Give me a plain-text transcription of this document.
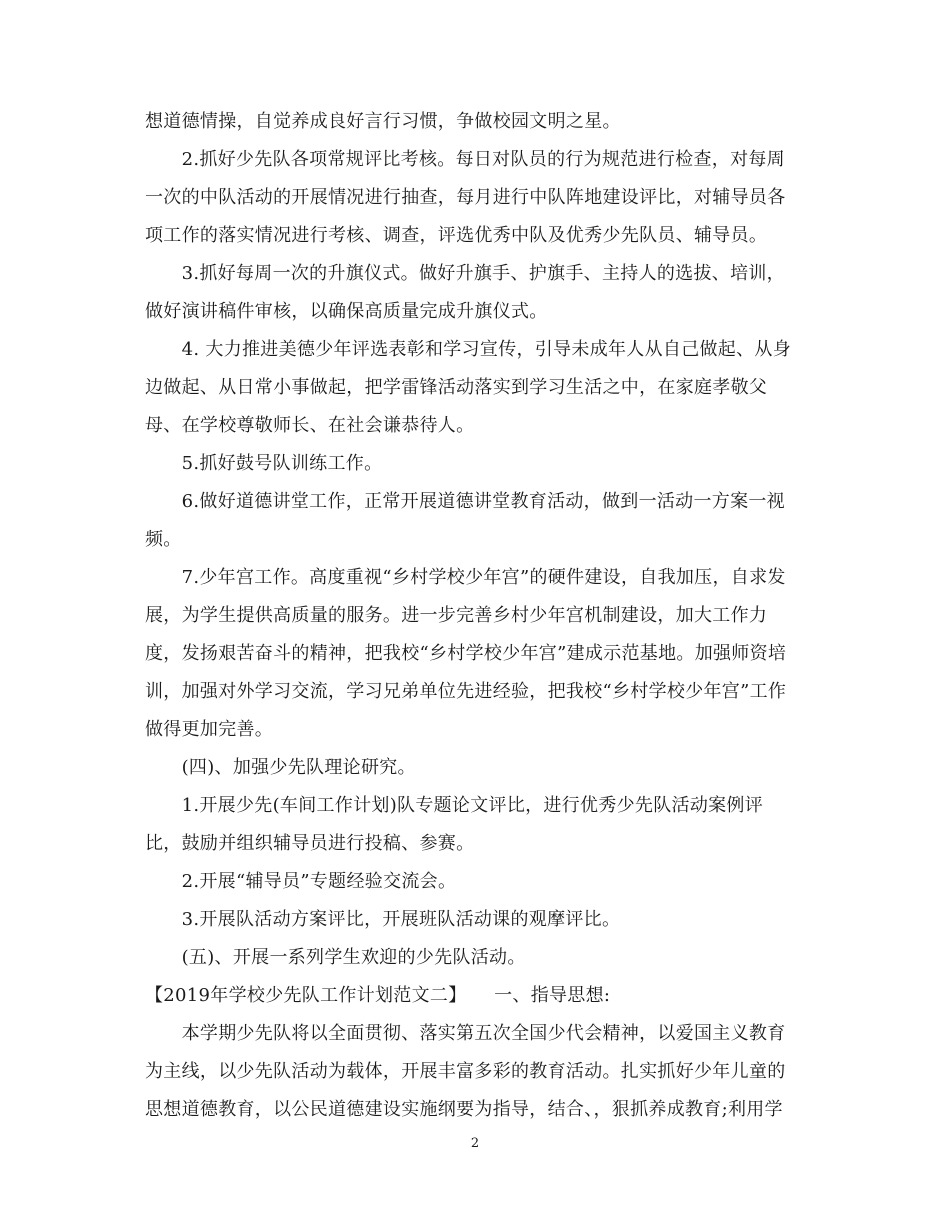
想道德情操，自觉养成良好言行习惯，争做校园文明之星。
　　2.抓好少先队各项常规评比考核。每日对队员的行为规范进行检查，对每周
一次的中队活动的开展情况进行抽查，每月进行中队阵地建设评比，对辅导员各
项工作的落实情况进行考核、调查，评选优秀中队及优秀少先队员、辅导员。
　　3.抓好每周一次的升旗仪式。做好升旗手、护旗手、主持人的选拔、培训，
做好演讲稿件审核，以确保高质量完成升旗仪式。
　　4. 大力推进美德少年评选表彰和学习宣传，引导未成年人从自己做起、从身
边做起、从日常小事做起，把学雷锋活动落实到学习生活之中，在家庭孝敬父
母、在学校尊敬师长、在社会谦恭待人。
　　5.抓好鼓号队训练工作。
　　6.做好道德讲堂工作，正常开展道德讲堂教育活动，做到一活动一方案一视
频。
　　7.少年宫工作。高度重视“乡村学校少年宫”的硬件建设，自我加压，自求发
展，为学生提供高质量的服务。进一步完善乡村少年宫机制建设，加大工作力
度，发扬艰苦奋斗的精神，把我校“乡村学校少年宫”建成示范基地。加强师资培
训，加强对外学习交流，学习兄弟单位先进经验，把我校“乡村学校少年宫”工作
做得更加完善。
　　(四)、加强少先队理论研究。
　　1.开展少先(车间工作计划)队专题论文评比，进行优秀少先队活动案例评
比，鼓励并组织辅导员进行投稿、参赛。
　　2.开展“辅导员”专题经验交流会。
　　3.开展队活动方案评比，开展班队活动课的观摩评比。
　　(五)、开展一系列学生欢迎的少先队活动。
【2019年学校少先队工作计划范文二】　　一、指导思想:
　　本学期少先队将以全面贯彻、落实第五次全国少代会精神，以爱国主义教育
为主线，以少先队活动为载体，开展丰富多彩的教育活动。扎实抓好少年儿童的
思想道德教育，以公民道德建设实施纲要为指导，结合、，狠抓养成教育;利用学
2
